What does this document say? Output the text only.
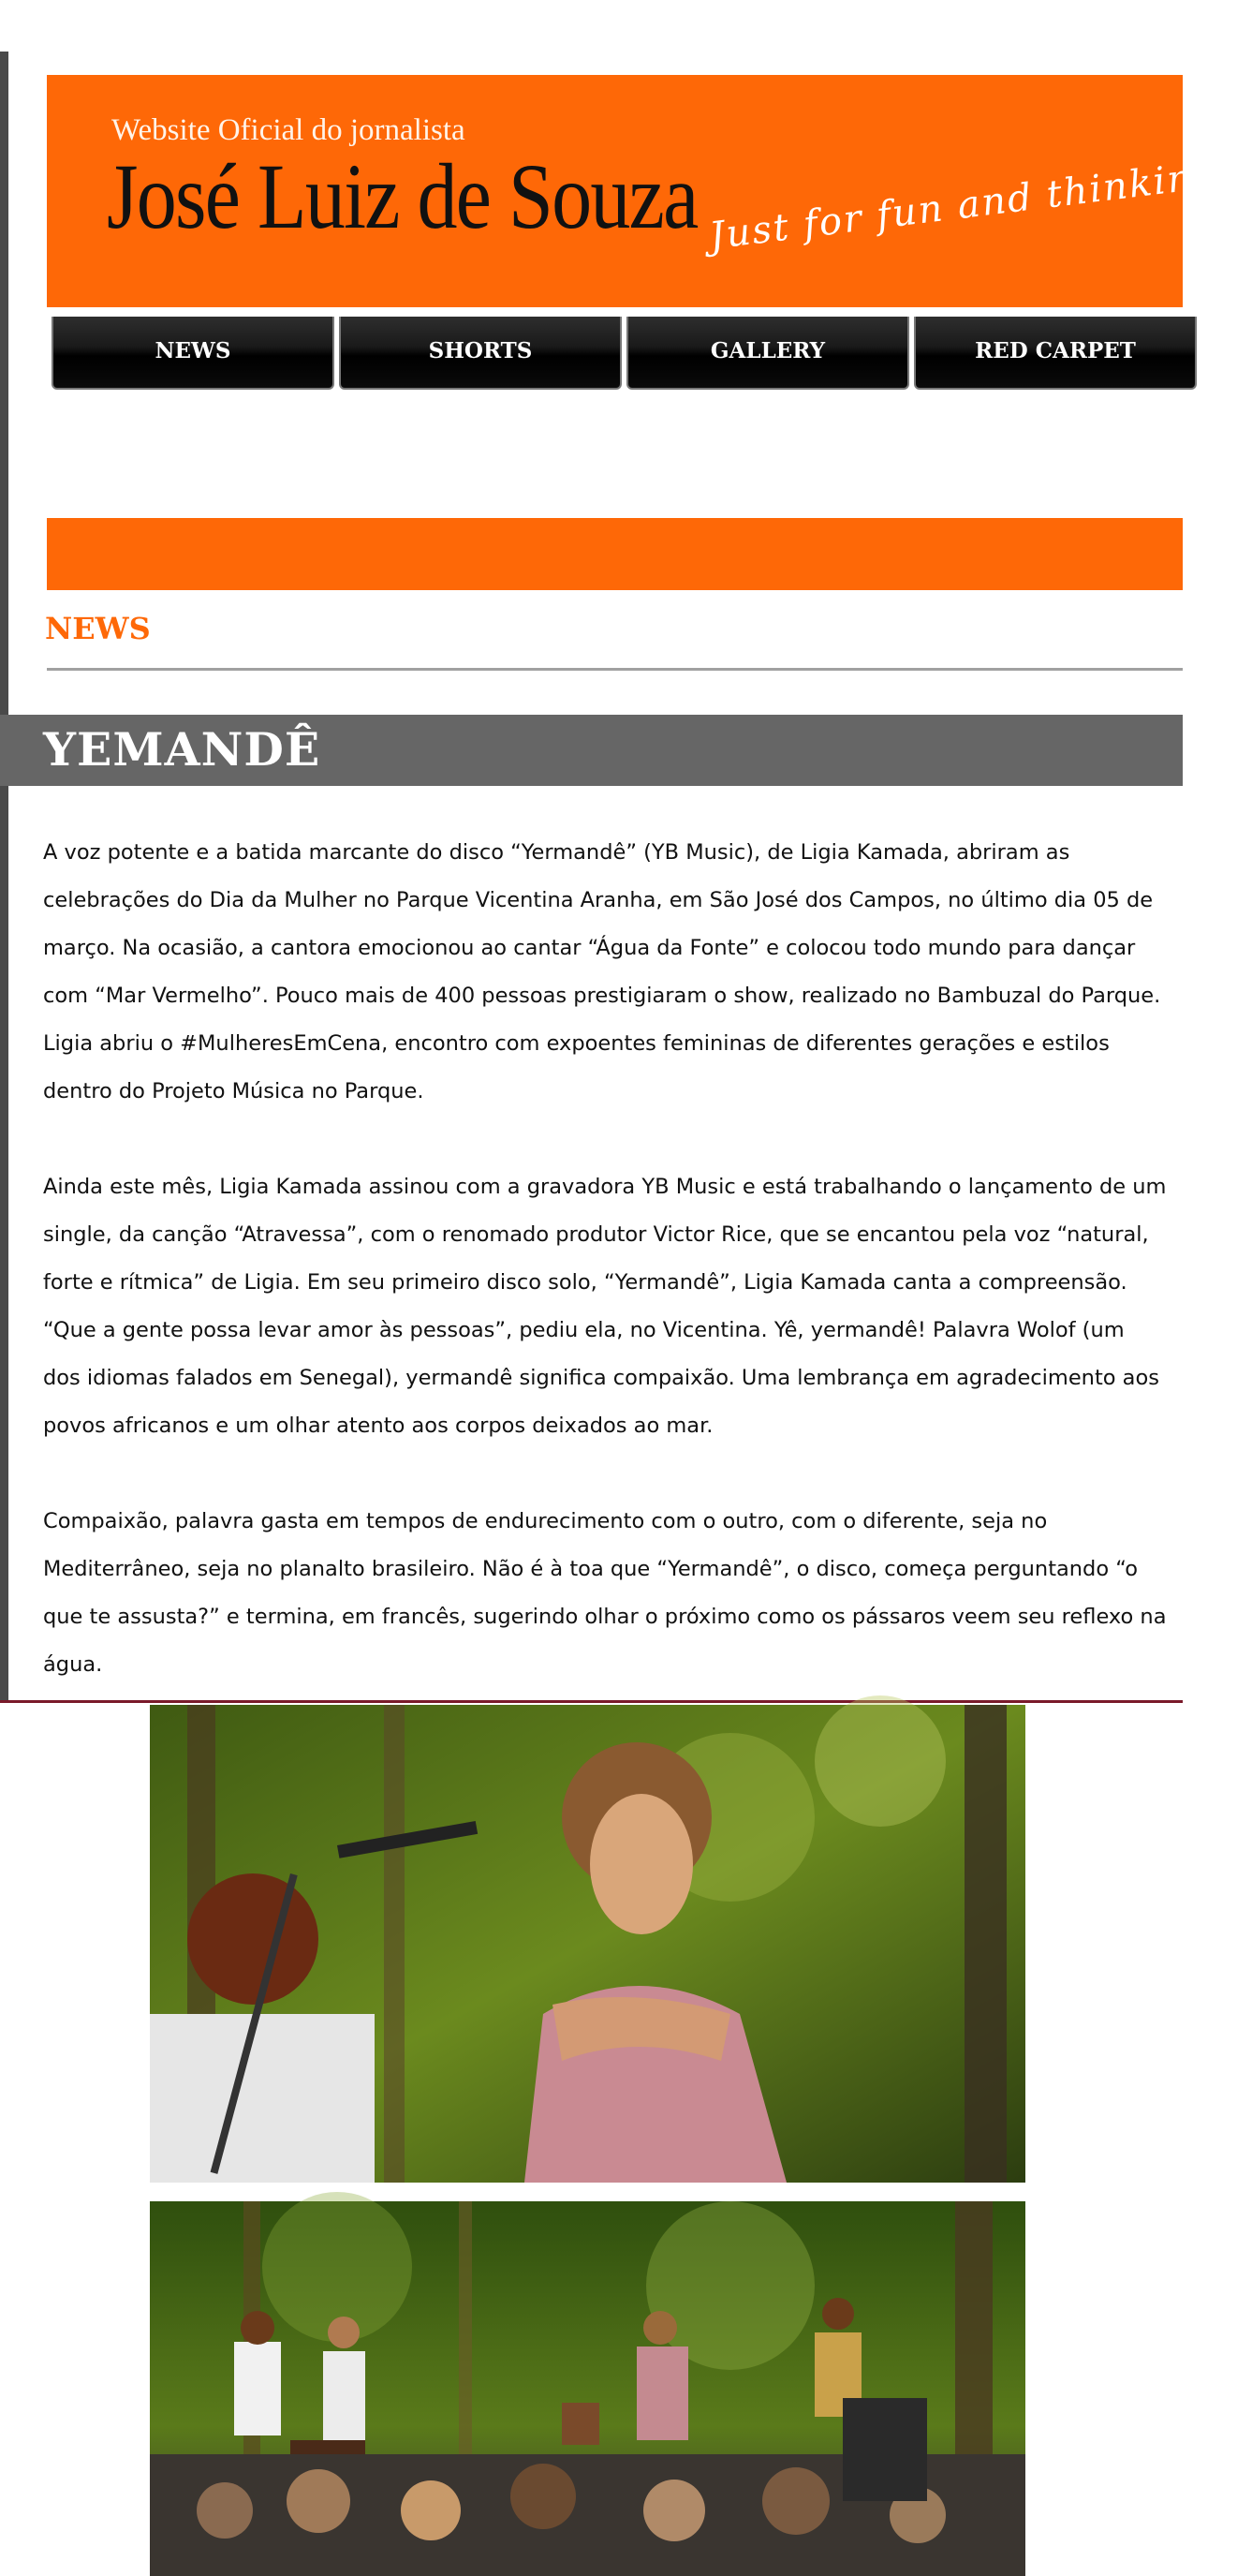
Website Oficial do jornalista
José Luiz de Souza Just for fun and thinking !
NEWS	SHORTS	GALLERY	RED CARPET
NEWS
YEMANDÊ

A voz potente e a batida marcante do disco “Yermandê” (YB Music), de Ligia Kamada, abriram as celebrações do Dia da Mulher no Parque Vicentina Aranha, em São José dos Campos, no último dia 05 de março. Na ocasião, a cantora emocionou ao cantar “Água da Fonte” e colocou todo mundo para dançar com “Mar Vermelho”. Pouco mais de 400 pessoas prestigiaram o show, realizado no Bambuzal do Parque. Ligia abriu o #MulheresEmCena, encontro com expoentes femininas de diferentes gerações e estilos dentro do Projeto Música no Parque.

Ainda este mês, Ligia Kamada assinou com a gravadora YB Music e está trabalhando o lançamento de um single, da canção “Atravessa”, com o renomado produtor Victor Rice, que se encantou pela voz “natural, forte e rítmica” de Ligia. Em seu primeiro disco solo, “Yermandê”, Ligia Kamada canta a compreensão. “Que a gente possa levar amor às pessoas”, pediu ela, no Vicentina. Yê, yermandê! Palavra Wolof (um dos idiomas falados em Senegal), yermandê significa compaixão. Uma lembrança em agradecimento aos povos africanos e um olhar atento aos corpos deixados ao mar.

Compaixão, palavra gasta em tempos de endurecimento com o outro, com o diferente, seja no Mediterrâneo, seja no planalto brasileiro. Não é à toa que “Yermandê”, o disco, começa perguntando “o que te assusta?” e termina, em francês, sugerindo olhar o próximo como os pássaros veem seu reflexo na água.
